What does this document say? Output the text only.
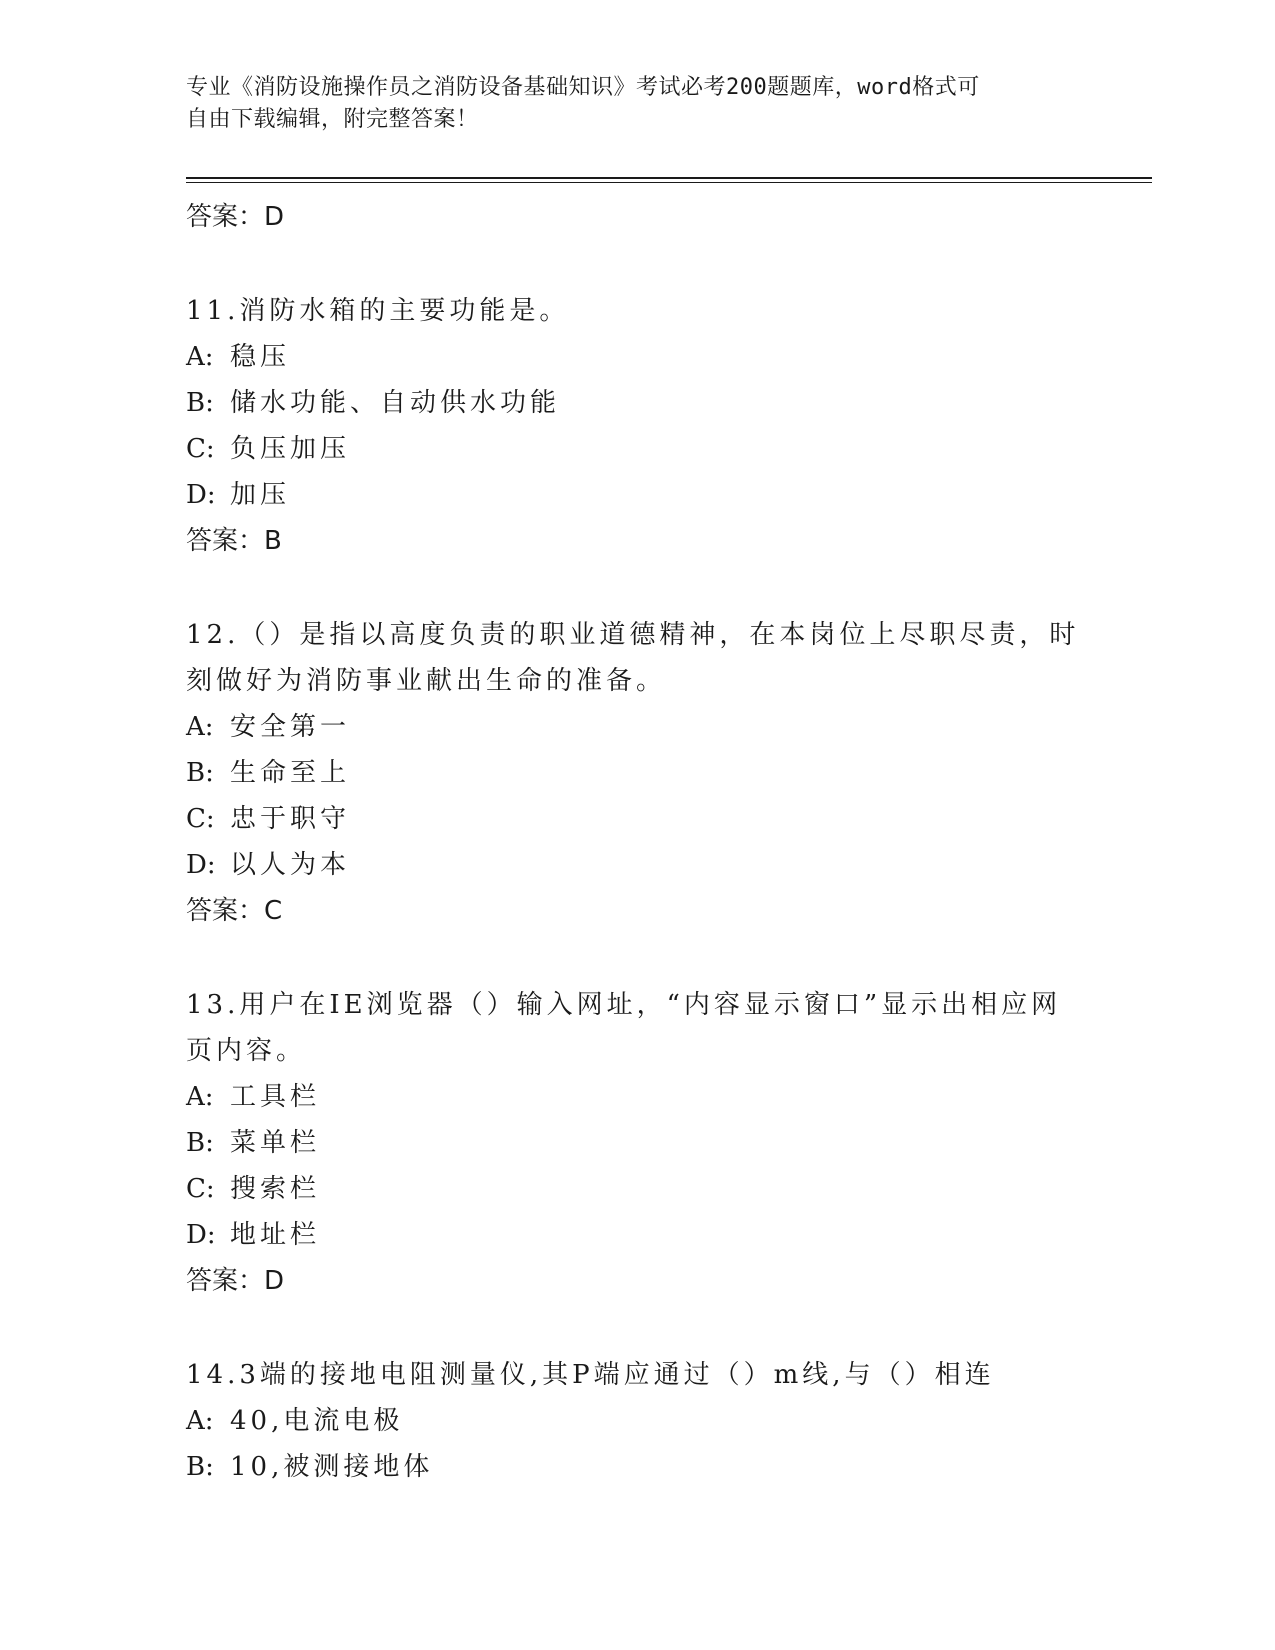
专业《消防设施操作员之消防设备基础知识》考试必考200题题库，word格式可
自由下载编辑，附完整答案！

答案：D

11.消防水箱的主要功能是。

A: 稳压

B: 储水功能、自动供水功能

C: 负压加压

D: 加压

答案：B

12.（）是指以高度负责的职业道德精神，在本岗位上尽职尽责，时刻做好为消防事业献出生命的准备。

A: 安全第一

B: 生命至上

C: 忠于职守

D: 以人为本

答案：C

13.用户在IE浏览器（）输入网址，“内容显示窗口”显示出相应网页内容。

A: 工具栏

B: 菜单栏

C: 搜索栏

D: 地址栏

答案：D

14.3端的接地电阻测量仪,其P端应通过（）m线,与（）相连

A: 40,电流电极

B: 10,被测接地体
